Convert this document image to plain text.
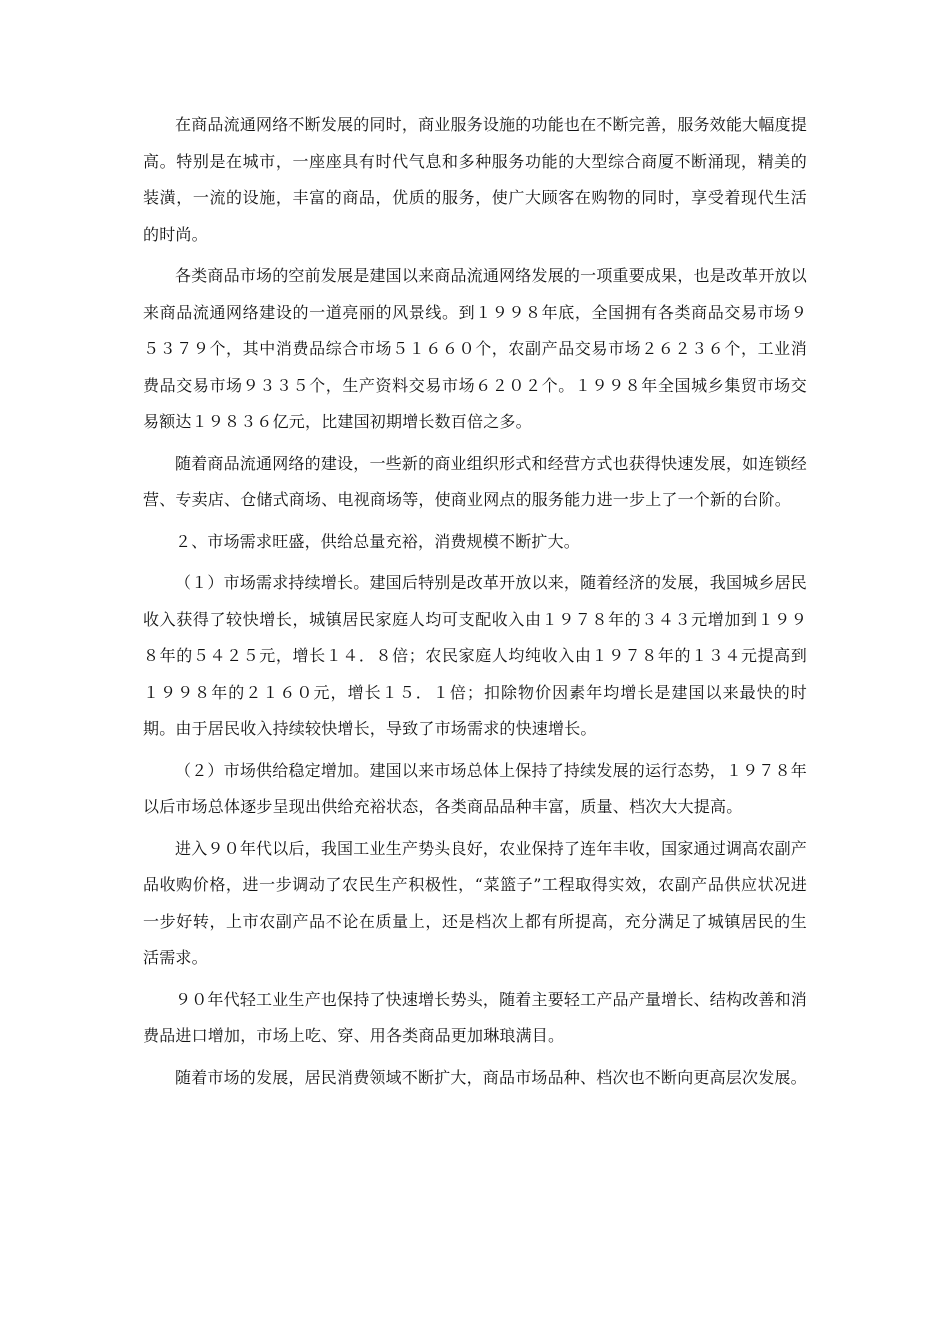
在商品流通网络不断发展的同时，商业服务设施的功能也在不断完善，服务效能大幅度提高。特别是在城市，一座座具有时代气息和多种服务功能的大型综合商厦不断涌现，精美的装潢，一流的设施，丰富的商品，优质的服务，使广大顾客在购物的同时，享受着现代生活的时尚。

各类商品市场的空前发展是建国以来商品流通网络发展的一项重要成果，也是改革开放以来商品流通网络建设的一道亮丽的风景线。到１９９８年底，全国拥有各类商品交易市场９５３７９个，其中消费品综合市场５１６６０个，农副产品交易市场２６２３６个，工业消费品交易市场９３３５个，生产资料交易市场６２０２个。１９９８年全国城乡集贸市场交易额达１９８３６亿元，比建国初期增长数百倍之多。

随着商品流通网络的建设，一些新的商业组织形式和经营方式也获得快速发展，如连锁经营、专卖店、仓储式商场、电视商场等，使商业网点的服务能力进一步上了一个新的台阶。

２、市场需求旺盛，供给总量充裕，消费规模不断扩大。

（１）市场需求持续增长。建国后特别是改革开放以来，随着经济的发展，我国城乡居民收入获得了较快增长，城镇居民家庭人均可支配收入由１９７８年的３４３元增加到１９９８年的５４２５元，增长１４．８倍；农民家庭人均纯收入由１９７８年的１３４元提高到１９９８年的２１６０元，增长１５．１倍；扣除物价因素年均增长是建国以来最快的时期。由于居民收入持续较快增长，导致了市场需求的快速增长。

（２）市场供给稳定增加。建国以来市场总体上保持了持续发展的运行态势，１９７８年以后市场总体逐步呈现出供给充裕状态，各类商品品种丰富，质量、档次大大提高。

进入９０年代以后，我国工业生产势头良好，农业保持了连年丰收，国家通过调高农副产品收购价格，进一步调动了农民生产积极性，“菜篮子”工程取得实效，农副产品供应状况进一步好转，上市农副产品不论在质量上，还是档次上都有所提高，充分满足了城镇居民的生活需求。

９０年代轻工业生产也保持了快速增长势头，随着主要轻工产品产量增长、结构改善和消费品进口增加，市场上吃、穿、用各类商品更加琳琅满目。

随着市场的发展，居民消费领域不断扩大，商品市场品种、档次也不断向更高层次发展。
